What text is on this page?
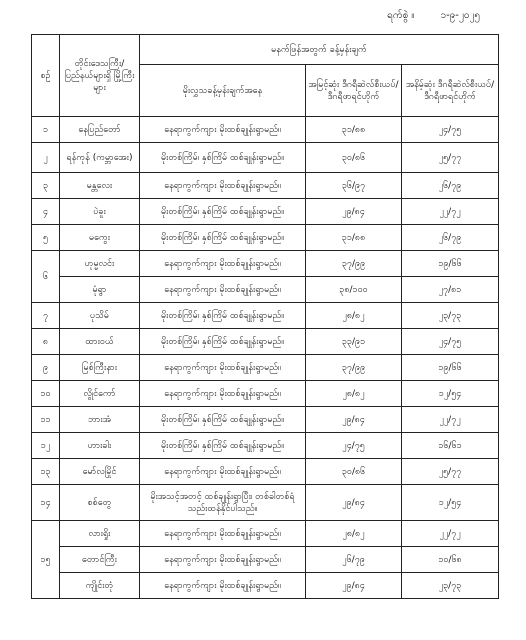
ရက်စွဲ ။	၁-၉-၂၀၂၅
စဉ်	တိုင်းဒေသကြီး/ ပြည်နယ်များရှိ မြို့ကြီးများ	မနက်ဖြန်အတွက် ခန့်မှန်းချက်		
		မိုးလွှသခန့်မှန်းချက်အနေ	အမြင့်ဆုံး ဒီဂရီဆဲလ်စီးယပ်/ ဒီဂရီဖာရင်ဟိုက်	အနိမ့်ဆုံး ဒီဂရီဆဲလ်စီးယပ်/ ဒီဂရီဖာရင်ဟိုက်
၁	နေပြည်တော်	နေရာကွက်ကျား မိုးထစ်ချုန်းရွာမည်။	၃၁/၈၈	၂၄/၇၅
၂	ရန်ကုန် (ကမ္ဘာအေး)	မိုးတစ်ကြိမ်၊ နှစ်ကြိမ် ထစ်ချုန်းရွာမည်။	၃၀/၈၆	၂၅/၇၇
၃	မန္တလေး	နေရာကွက်ကျား မိုးထစ်ချုန်းရွာမည်။	၃၆/၉၇	၂၆/၇၉
၄	ပဲခူး	မိုးတစ်ကြိမ်၊ နှစ်ကြိမ် ထစ်ချုန်းရွာမည်။	၂၉/၈၄	၂၂/၇၂
၅	မကွေး	မိုးတစ်ကြိမ်၊ နှစ်ကြိမ် ထစ်ချုန်းရွာမည်။	၃၁/၈၈	၂၆/၇၉
၆	ဟုမ္မလင်း	နေရာကွက်ကျား မိုးထစ်ချုန်းရွာမည်။	၃၇/၉၉	၁၉/၆၆
	မုံရွာ	နေရာကွက်ကျား မိုးထစ်ချုန်းရွာမည်။	၃၈/၁၀၀	၂၇/၈၁
၇	ပုသိမ်	မိုးတစ်ကြိမ်၊ နှစ်ကြိမ် ထစ်ချုန်းရွာမည်။	၂၈/၈၂	၂၃/၇၃
၈	ထားဝယ်	မိုးတစ်ကြိမ်၊ နှစ်ကြိမ် ထစ်ချုန်းရွာမည်။	၃၃/၉၁	၂၄/၇၅
၉	မြစ်ကြီးနား	နေရာကွက်ကျား မိုးထစ်ချုန်းရွာမည်။	၃၇/၉၉	၁၉/၆၆
၁၀	လွိုင်ကော်	နေရာကွက်ကျား မိုးထစ်ချုန်းရွာမည်။	၂၈/၈၂	၁၂/၅၄
၁၁	ဘားအံ	မိုးတစ်ကြိမ်၊ နှစ်ကြိမ် ထစ်ချုန်းရွာမည်။	၂၉/၈၄	၂၂/၇၂
၁၂	ဟားခါး	မိုးတစ်ကြိမ်၊ နှစ်ကြိမ် ထစ်ချုန်းရွာမည်။	၂၄/၇၅	၁၆/၆၁
၁၃	မော်လမြိုင်	နေရာကွက်ကျား မိုးထစ်ချုန်းရွာမည်။	၃၀/၈၆	၂၅/၇၇
၁၄	စစ်တွေ	မိုးအသင့်အတင့် ထစ်ချုန်းရွာပြီး၊ တစ်ခါတစ်ရံ သည်းထန်နိုင်ပါသည်။	၂၉/၈၄	၁၂/၅၄
၁၅	လားရှိုး	နေရာကွက်ကျား မိုးထစ်ချုန်းရွာမည်။	၂၈/၈၂	၂၂/၇၂
	တောင်ကြီး	နေရာကွက်ကျား မိုးထစ်ချုန်းရွာမည်။	၂၆/၇၉	၁၀/၆၈
	ကျိုင်းတုံ	နေရာကွက်ကျား မိုးထစ်ချုန်းရွာမည်။	၂၉/၈၄	၂၃/၇၃
